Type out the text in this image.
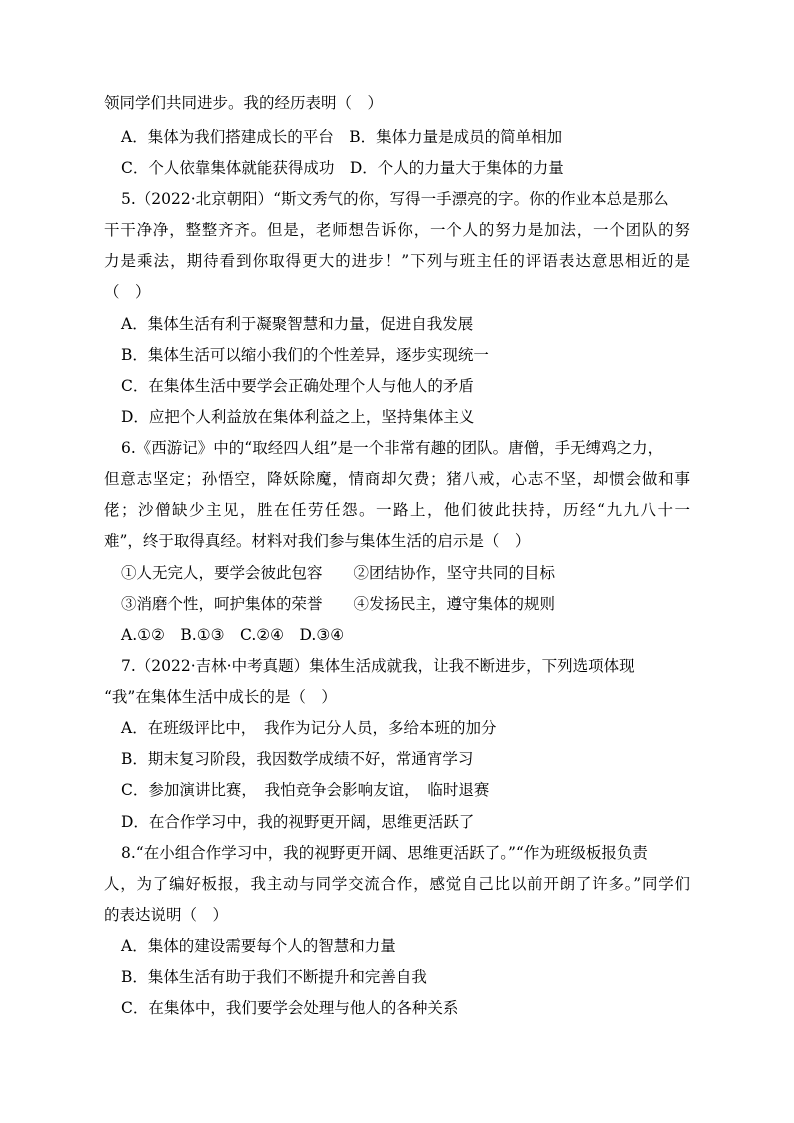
领同学们共同进步。我的经历表明（　）
A．集体为我们搭建成长的平台　B．集体力量是成员的简单相加
C．个人依靠集体就能获得成功　D．个人的力量大于集体的力量
5.（2022·北京朝阳）“斯文秀气的你，写得一手漂亮的字。你的作业本总是那么
干干净净，整整齐齐。但是，老师想告诉你，一个人的努力是加法，一个团队的努
力是乘法，期待看到你取得更大的进步！”下列与班主任的评语表达意思相近的是
（　）
A．集体生活有利于凝聚智慧和力量，促进自我发展
B．集体生活可以缩小我们的个性差异，逐步实现统一
C．在集体生活中要学会正确处理个人与他人的矛盾
D．应把个人利益放在集体利益之上，坚持集体主义
6.《西游记》中的“取经四人组”是一个非常有趣的团队。唐僧，手无缚鸡之力，
但意志坚定；孙悟空，降妖除魔，情商却欠费；猪八戒，心志不坚，却惯会做和事
佬；沙僧缺少主见，胜在任劳任怨。一路上，他们彼此扶持，历经“九九八十一
难”，终于取得真经。材料对我们参与集体生活的启示是（　）
①人无完人，要学会彼此包容　　②团结协作，坚守共同的目标
③消磨个性，呵护集体的荣誉　　④发扬民主，遵守集体的规则
A.①②　B.①③　C.②④　D.③④
7.（2022·吉林·中考真题）集体生活成就我，让我不断进步，下列选项体现
“我”在集体生活中成长的是（　）
A．在班级评比中，　我作为记分人员，多给本班的加分
B．期末复习阶段，我因数学成绩不好，常通宵学习
C．参加演讲比赛，　我怕竞争会影响友谊，　临时退赛
D．在合作学习中，我的视野更开阔，思维更活跃了
8.“在小组合作学习中，我的视野更开阔、思维更活跃了。”“作为班级板报负责
人，为了编好板报，我主动与同学交流合作，感觉自己比以前开朗了许多。”同学们
的表达说明（　）
A．集体的建设需要每个人的智慧和力量
B．集体生活有助于我们不断提升和完善自我
C．在集体中，我们要学会处理与他人的各种关系
